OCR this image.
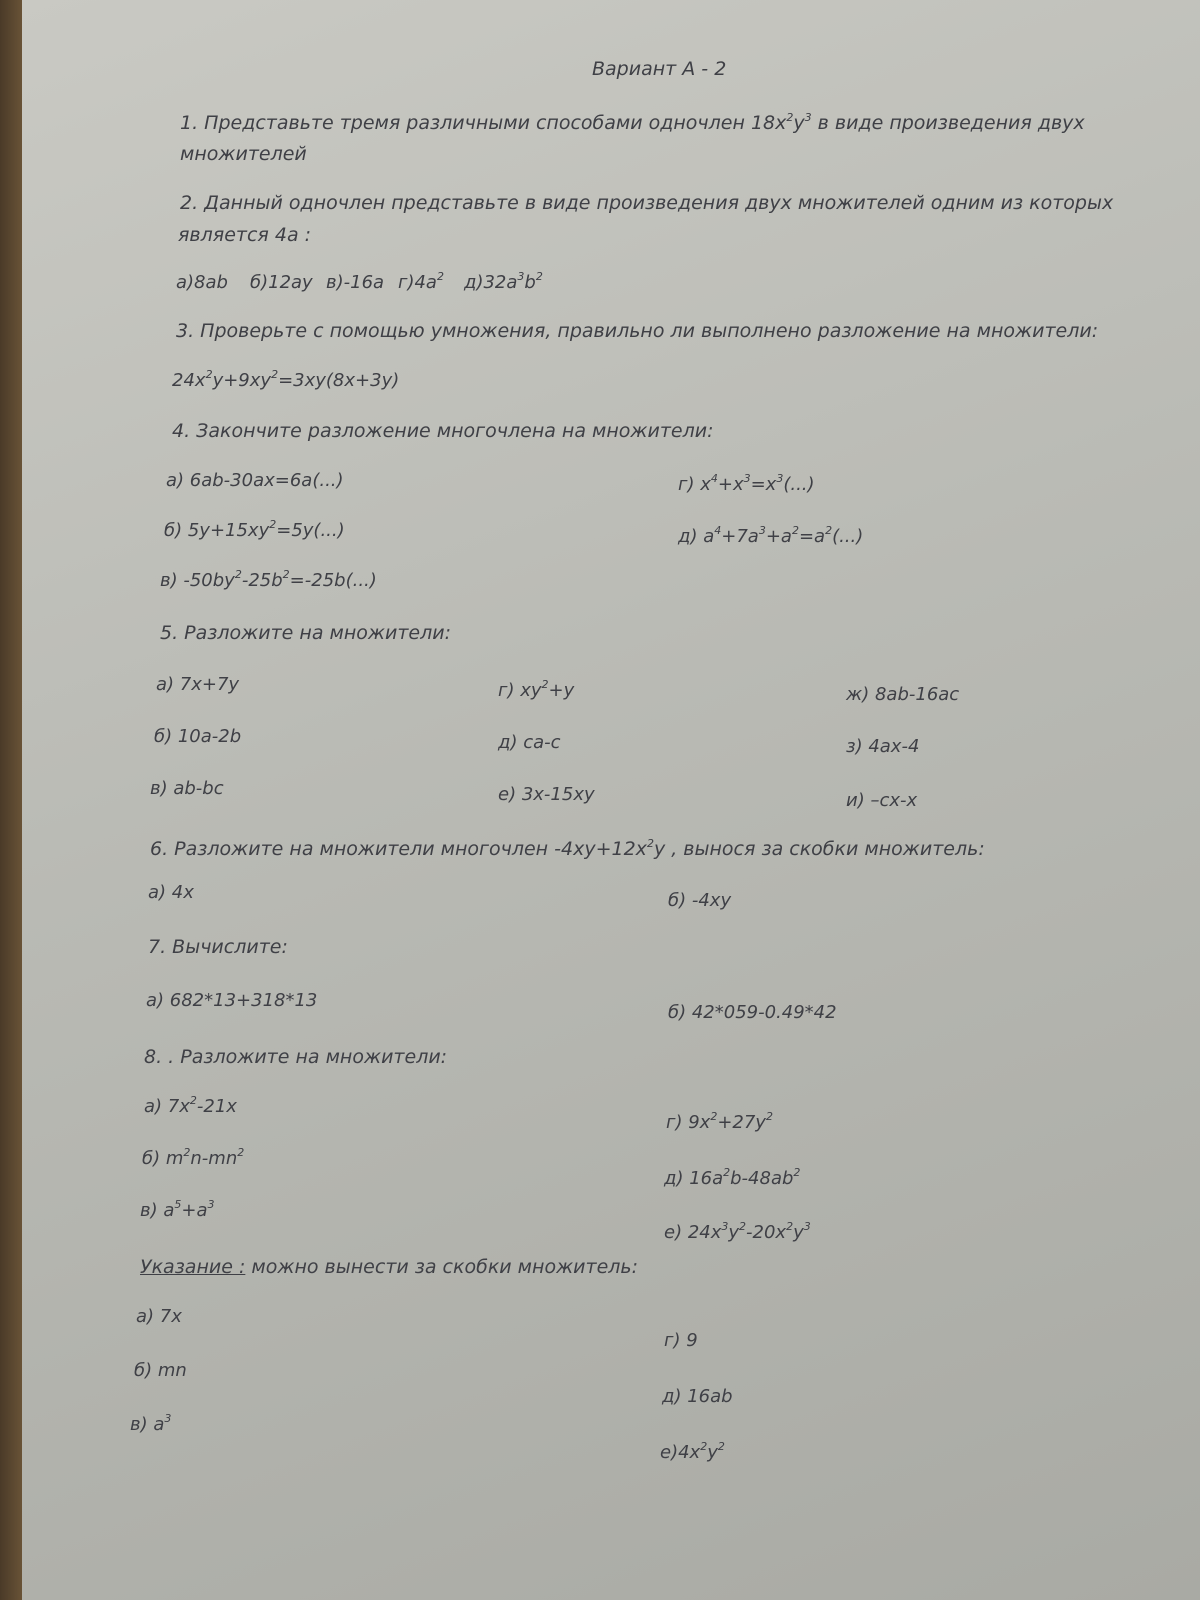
Вариант А - 2

1. Представьте тремя различными способами одночлен $18x^2y^3$ в виде произведения двух

множителей

2. Данный одночлен представьте в виде произведения двух множителей одним из которых

является 4а :

а)8ab б)12аy в)-16а $г)4а^2$ $д)32а^3b^2$

3. Проверьте с помощью умножения, правильно ли выполнено разложение на множители:

$24x^2y+9xy^2=3xy(8x+3y)$

4. Закончите разложение многочлена на множители:

а) 6аb-30аx=6а(...)

б) $5y+15xy^2=5y(...)$

в) $-50by^2-25b^2=-25b(...)$

г) $x^4+x^3=x^3(...)$

д) $а^4+7а^3+а^2=а^2(...)$

5. Разложите на множители:

а) 7x+7y

б) 10а-2b

в) аb-bc

г) $xy^2+y$

д) cа-c

е) 3x-15xy

ж) 8аb-16аc

з) 4аx-4

и) –cx-x

6. Разложите на множители многочлен $-4xy+12x^2y$ , вынося за скобки множитель:

а) 4x	б) -4xy

7. Вычислите:

а) 682*13+318*13

б) 42*059-0.49*42

8. . Разложите на множители:

а) $7x^2-21x$

б) $m^2n-mn^2$

в) $а^5+а^3$

г) $9x^2+27y^2$

д) $16а^2b-48аb^2$

е) $24x^3y^2-20x^2y^3$

Указание : можно вынести за скобки множитель:

а) 7x

б) mn

в) $а^3$

г) 9

д) 16аb

$е)4x^2y^2$
